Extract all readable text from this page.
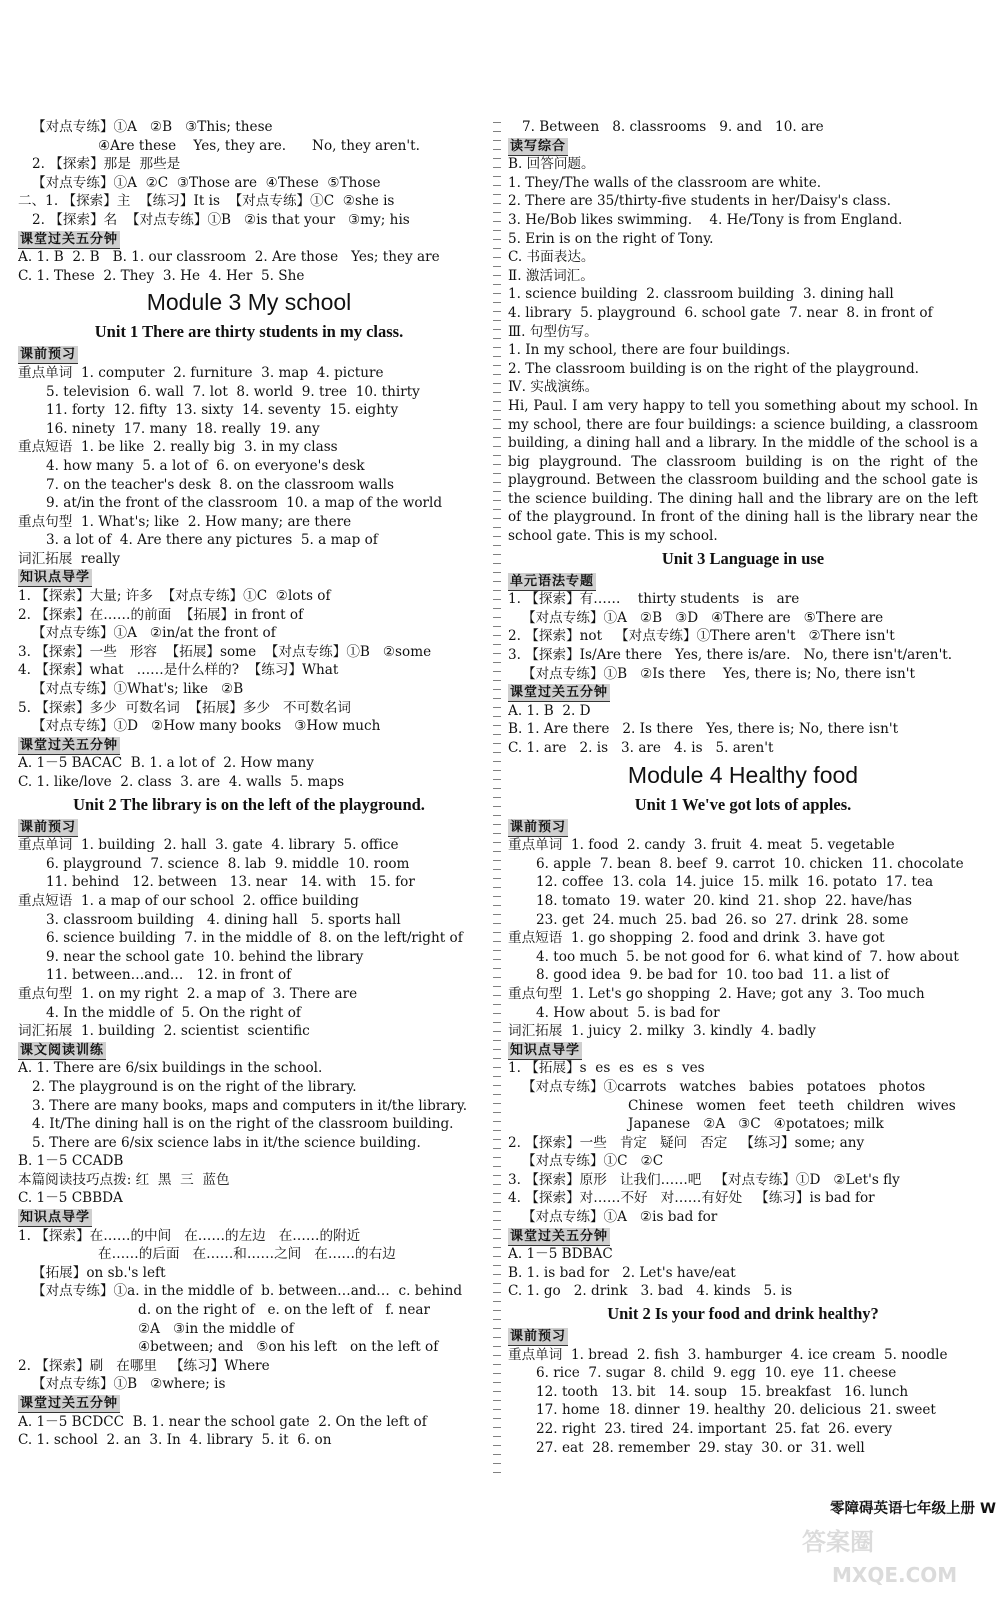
【对点专练】①A   ②B   ③This; these
④Are these    Yes, they are.      No, they aren't.
2. 【探索】那是  那些是
【对点专练】①A  ②C  ③Those are  ④These  ⑤Those
二、1. 【探索】主  【练习】It is  【对点专练】①C  ②she is
2. 【探索】名  【对点专练】①B   ②is that your   ③my; his
课堂过关五分钟
A. 1. B  2. B   B. 1. our classroom  2. Are those   Yes; they are
C. 1. These  2. They  3. He  4. Her  5. She
Module 3 My school
Unit 1 There are thirty students in my class.
课前预习
重点单词  1. computer  2. furniture  3. map  4. picture
5. television  6. wall  7. lot  8. world  9. tree  10. thirty
11. forty  12. fifty  13. sixty  14. seventy  15. eighty
16. ninety  17. many  18. really  19. any
重点短语  1. be like  2. really big  3. in my class
4. how many  5. a lot of  6. on everyone's desk
7. on the teacher's desk  8. on the classroom walls
9. at/in the front of the classroom  10. a map of the world
重点句型  1. What's; like  2. How many; are there
3. a lot of  4. Are there any pictures  5. a map of
词汇拓展  really
知识点导学
1. 【探索】大量; 许多  【对点专练】①C  ②lots of
2. 【探索】在……的前面  【拓展】in front of
【对点专练】①A   ②in/at the front of
3. 【探索】一些   形容  【拓展】some  【对点专练】①B   ②some
4. 【探索】what   ……是什么样的?  【练习】What
【对点专练】①What's; like   ②B
5. 【探索】多少  可数名词  【拓展】多少   不可数名词
【对点专练】①D   ②How many books   ③How much
课堂过关五分钟
A. 1－5 BACAC  B. 1. a lot of  2. How many
C. 1. like/love  2. class  3. are  4. walls  5. maps
Unit 2 The library is on the left of the playground.
课前预习
重点单词  1. building  2. hall  3. gate  4. library  5. office
6. playground  7. science  8. lab  9. middle  10. room
11. behind   12. between   13. near   14. with   15. for
重点短语  1. a map of our school  2. office building
3. classroom building   4. dining hall   5. sports hall
6. science building  7. in the middle of  8. on the left/right of
9. near the school gate  10. behind the library
11. between…and…   12. in front of
重点句型  1. on my right  2. a map of  3. There are
4. In the middle of  5. On the right of
词汇拓展  1. building  2. scientist  scientific
课文阅读训练
A. 1. There are 6/six buildings in the school.
2. The playground is on the right of the library.
3. There are many books, maps and computers in it/the library.
4. It/The dining hall is on the right of the classroom building.
5. There are 6/six science labs in it/the science building.
B. 1－5 CCADB
本篇阅读技巧点拨: 红  黑  三  蓝色
C. 1－5 CBBDA
知识点导学
1. 【探索】在……的中间   在……的左边   在……的附近
在……的后面   在……和……之间   在……的右边
【拓展】on sb.'s left
【对点专练】①a. in the middle of  b. between…and…  c. behind
d. on the right of   e. on the left of   f. near
②A   ③in the middle of
④between; and   ⑤on his left   on the left of
2. 【探索】刷   在哪里   【练习】Where
【对点专练】①B   ②where; is
课堂过关五分钟
A. 1－5 BCDCC  B. 1. near the school gate  2. On the left of
C. 1. school  2. an  3. In  4. library  5. it  6. on
7. Between   8. classrooms   9. and   10. are
读写综合
B. 回答问题。
1. They/The walls of the classroom are white.
2. There are 35/thirty-five students in her/Daisy's class.
3. He/Bob likes swimming.    4. He/Tony is from England.
5. Erin is on the right of Tony.
C. 书面表达。
Ⅱ. 激活词汇。
1. science building  2. classroom building  3. dining hall
4. library  5. playground  6. school gate  7. near  8. in front of
Ⅲ. 句型仿写。
1. In my school, there are four buildings.
2. The classroom building is on the right of the playground.
Ⅳ. 实战演练。

Hi, Paul. I am very happy to tell you something about my school. In my school, there are four buildings: a science building, a classroom building, a dining hall and a library. In the middle of the school is a big playground. The classroom building is on the right of the playground. Between the classroom building and the school gate is the science building. The dining hall and the library are on the left of the playground. In front of the dining hall is the library near the school gate. This is my school.

Unit 3 Language in use
单元语法专题
1. 【探索】有……    thirty students   is   are
【对点专练】①A   ②B   ③D   ④There are   ⑤There are
2. 【探索】not   【对点专练】①There aren't   ②There isn't
3. 【探索】Is/Are there   Yes, there is/are.   No, there isn't/aren't.
【对点专练】①B   ②Is there    Yes, there is; No, there isn't
课堂过关五分钟
A. 1. B  2. D
B. 1. Are there   2. Is there   Yes, there is; No, there isn't
C. 1. are   2. is   3. are   4. is   5. aren't
Module 4 Healthy food
Unit 1 We've got lots of apples.
课前预习
重点单词  1. food  2. candy  3. fruit  4. meat  5. vegetable
6. apple  7. bean  8. beef  9. carrot  10. chicken  11. chocolate
12. coffee  13. cola  14. juice  15. milk  16. potato  17. tea
18. tomato  19. water  20. kind  21. shop  22. have/has
23. get  24. much  25. bad  26. so  27. drink  28. some
重点短语  1. go shopping  2. food and drink  3. have got
4. too much  5. be not good for  6. what kind of  7. how about
8. good idea  9. be bad for  10. too bad  11. a list of
重点句型  1. Let's go shopping  2. Have; got any  3. Too much
4. How about  5. is bad for
词汇拓展  1. juicy  2. milky  3. kindly  4. badly
知识点导学
1. 【拓展】s  es  es  es  s  ves
【对点专练】①carrots   watches   babies   potatoes   photos
Chinese   women   feet   teeth   children   wives
Japanese   ②A   ③C   ④potatoes; milk
2. 【探索】一些   肯定   疑问   否定   【练习】some; any
【对点专练】①C   ②C
3. 【探索】原形   让我们……吧   【对点专练】①D   ②Let's fly
4. 【探索】对……不好   对……有好处   【练习】is bad for
【对点专练】①A   ②is bad for
课堂过关五分钟
A. 1－5 BDBAC
B. 1. is bad for   2. Let's have/eat
C. 1. go   2. drink   3. bad   4. kinds   5. is
Unit 2 Is your food and drink healthy?
课前预习
重点单词  1. bread  2. fish  3. hamburger  4. ice cream  5. noodle
6. rice  7. sugar  8. child  9. egg  10. eye  11. cheese
12. tooth   13. bit   14. soup   15. breakfast   16. lunch
17. home  18. dinner  19. healthy  20. delicious  21. sweet
22. right  23. tired  24. important  25. fat  26. every
27. eat  28. remember  29. stay  30. or  31. well
零障碍英语七年级上册 W
答案圈
MXQE.COM
